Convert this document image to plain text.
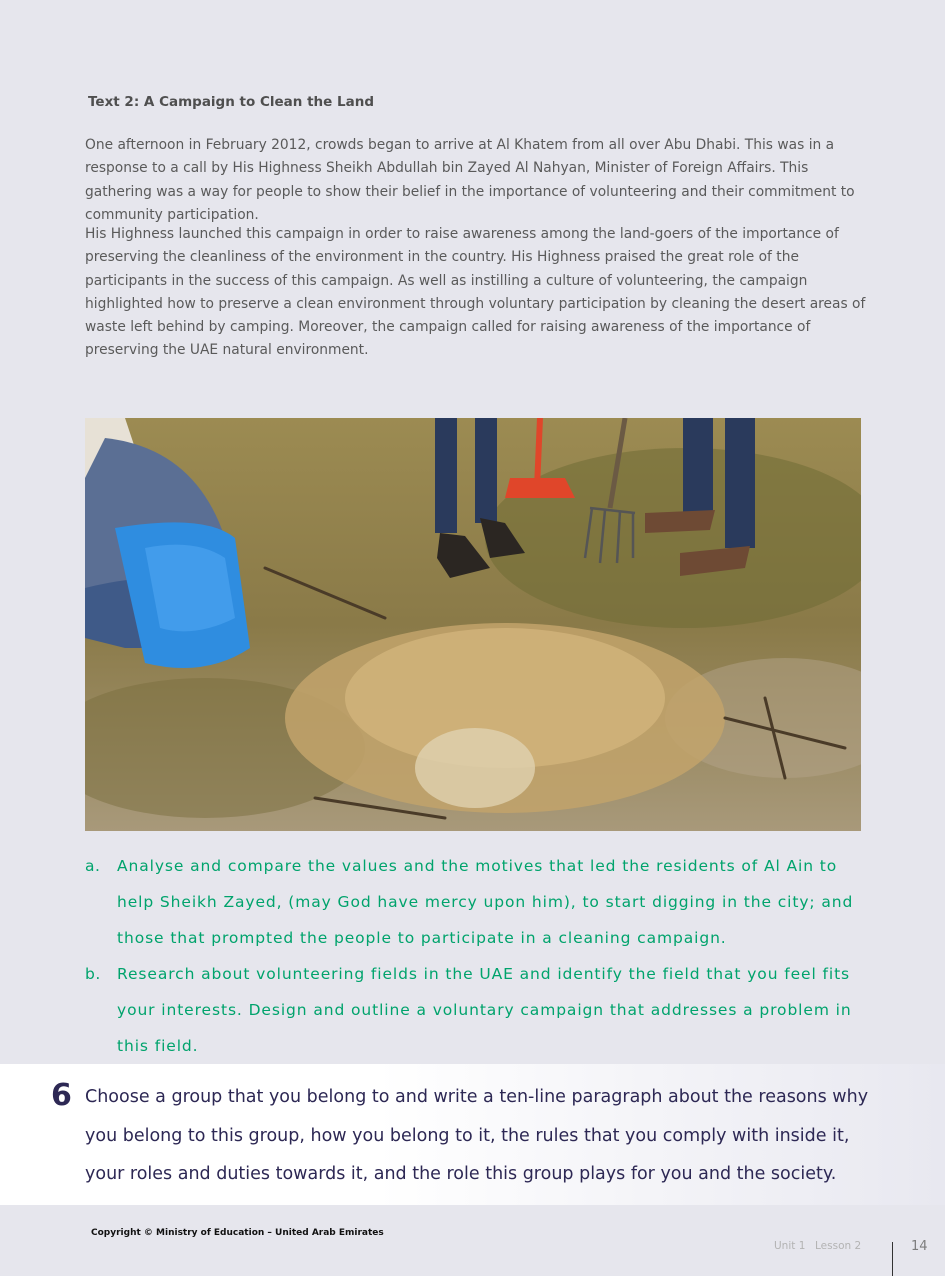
Text 2: A Campaign to Clean the Land

One afternoon in February 2012, crowds began to arrive at Al Khatem from all over Abu Dhabi. This was in a response to a call by His Highness Sheikh Abdullah bin Zayed Al Nahyan, Minister of Foreign Affairs. This gathering was a way for people to show their belief in the importance of volunteering and their commitment to community participation.

His Highness launched this campaign in order to raise awareness among the land-goers of the importance of preserving the cleanliness of the environment in the country. His Highness praised the great role of the participants in the success of this campaign. As well as instilling a culture of volunteering, the campaign highlighted how to preserve a clean environment through voluntary participation by cleaning the desert areas of waste left behind by camping. Moreover, the campaign called for raising awareness of the importance of preserving the UAE natural environment.

a. Analyse and compare the values and the motives that led the residents of Al Ain to help Sheikh Zayed, (may God have mercy upon him), to start digging in the city; and those that prompted the people to participate in a cleaning campaign.
b. Research about volunteering fields in the UAE and identify the field that you feel fits your interests. Design and outline a voluntary campaign that addresses a problem in this field.
6 Choose a group that you belong to and write a ten-line paragraph about the reasons why you belong to this group, how you belong to it, the rules that you comply with inside it, your roles and duties towards it, and the role this group plays for you and the society.

Copyright © Ministry of Education – United Arab Emirates
Unit 1 Lesson 2	14
